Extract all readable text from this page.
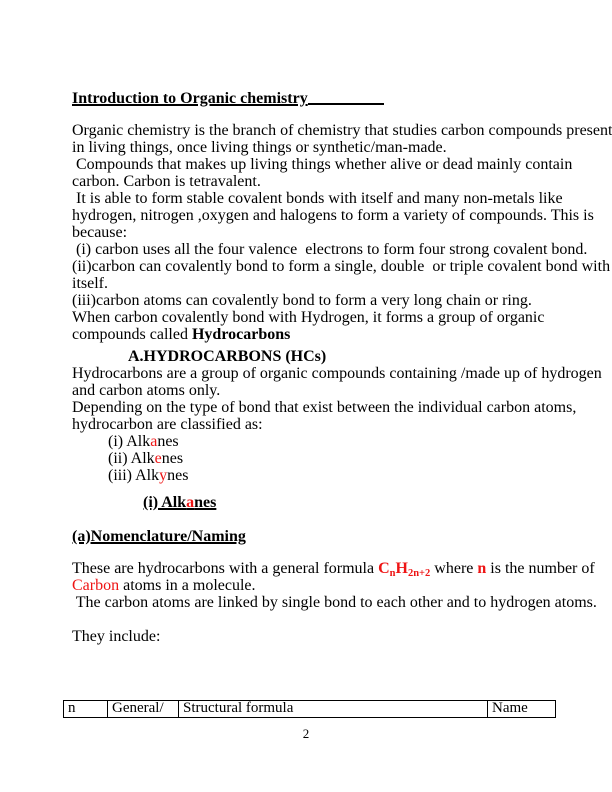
Introduction to Organic chemistry
Organic chemistry is the branch of chemistry that studies carbon compounds present
in living things, once living things or synthetic/man-made.
Compounds that makes up living things whether alive or dead mainly contain
carbon. Carbon is tetravalent.
It is able to form stable covalent bonds with itself and many non-metals like
hydrogen, nitrogen ,oxygen and halogens to form a variety of compounds. This is
because:
(i) carbon uses all the four valence  electrons to form four strong covalent bond.
(ii)carbon can covalently bond to form a single, double  or triple covalent bond with
itself.
(iii)carbon atoms can covalently bond to form a very long chain or ring.
When carbon covalently bond with Hydrogen, it forms a group of organic
compounds called Hydrocarbons
A.HYDROCARBONS (HCs)
Hydrocarbons are a group of organic compounds containing /made up of hydrogen
and carbon atoms only.
Depending on the type of bond that exist between the individual carbon atoms,
hydrocarbon are classified as:
(i) Alkanes
(ii) Alkenes
(iii) Alkynes
(i) Alkanes
(a)Nomenclature/Naming
These are hydrocarbons with a general formula $C_nH_{2n+2}$ where n is the number of
Carbon atoms in a molecule.
The carbon atoms are linked by single bond to each other and to hydrogen atoms.
They include:
n	General/	Structural formula	Name
2
